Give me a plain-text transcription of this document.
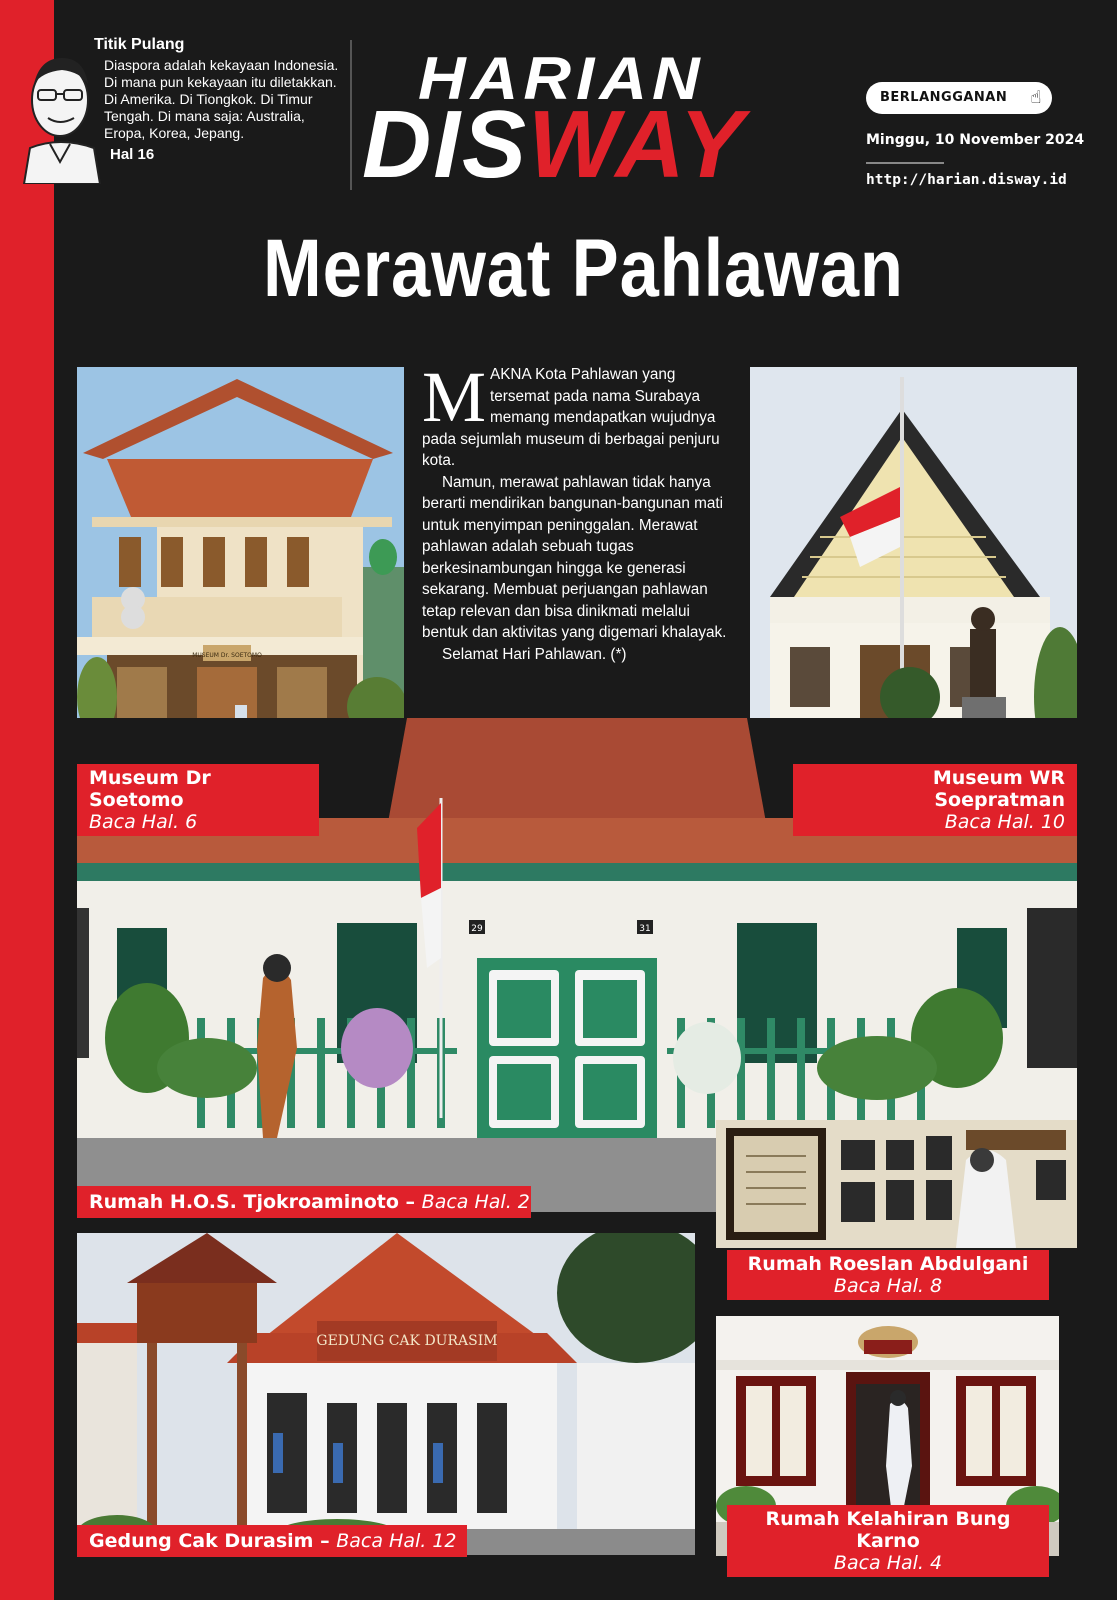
Titik Pulang
Diaspora adalah kekayaan Indonesia. Di mana pun kekayaan itu diletakkan. Di Amerika. Di Tiongkok. Di Timur Tengah. Di mana saja: Australia, Eropa, Korea, Jepang.
Hal 16
HARIAN
DISWAY	BERLANGGANAN ☝
Minggu, 10 November 2024
http://harian.disway.id
Merawat Pahlawan
MUSEUM Dr. SOETOMO

MAKNA Kota Pahlawan yang tersemat pada nama Surabaya memang mendapatkan wujudnya pada sejumlah museum di berbagai penjuru kota.

Namun, merawat pahlawan tidak hanya berarti mendirikan bangunan-bangunan mati untuk menyimpan peninggalan. Merawat pahlawan adalah sebuah tugas berkesinambungan hingga ke generasi sekarang. Membuat perjuangan pahlawan tetap relevan dan bisa dinikmati melalui bentuk dan aktivitas yang digemari khalayak.

Selamat Hari Pahlawan. (*)

29	31
GEDUNG CAK DURASIM
Museum Dr Soetomo
Baca Hal. 6
Museum WR Soepratman
Baca Hal. 10
Rumah H.O.S. Tjokroaminoto – Baca Hal. 2
Rumah Roeslan Abdulgani
Baca Hal. 8
Gedung Cak Durasim – Baca Hal. 12
Rumah Kelahiran Bung Karno
Baca Hal. 4
